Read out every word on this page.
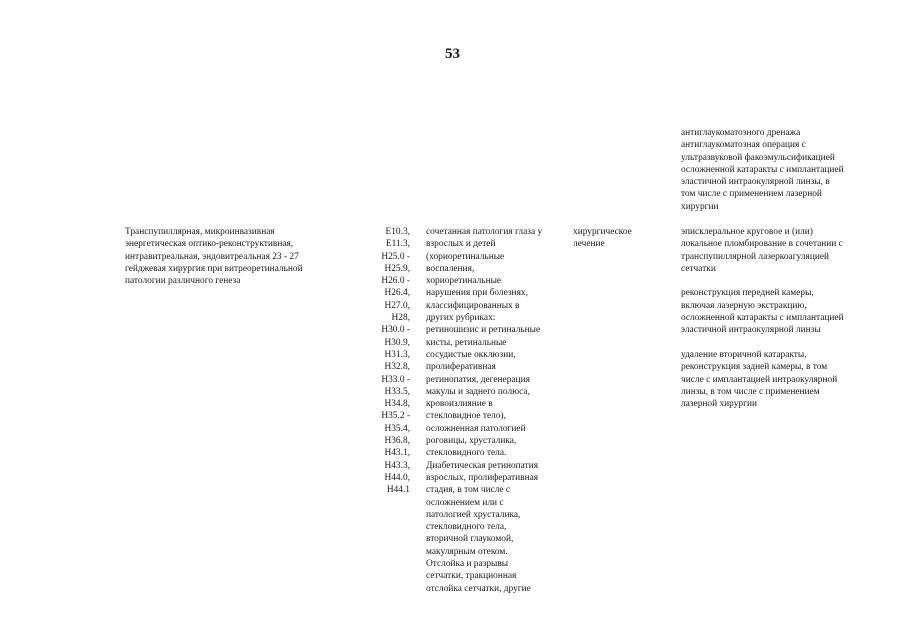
53
антиглаукоматозного дренажа
антиглаукоматозная операция с
ультразвуковой факоэмульсификацией
осложненной катаракты с имплантацией
эластичной интраокулярной линзы, в
том числе с применением лазерной
хирургии
Транспупиллярная, микроинвазивная
энергетическая оптико-реконструктивная,
интравитреальная, эндовитреальная 23 - 27
гейджевая хирургия при витреоретинальной
патологии различного генеза
E10.3,
E11.3,
H25.0 -
H25.9,
H26.0 -
H26.4,
H27.0,
H28,
H30.0 -
H30.9,
H31.3,
H32.8,
H33.0 -
H33.5,
H34.8,
H35.2 -
H35.4,
H36.8,
H43.1,
H43.3,
H44.0,
H44.1
сочетанная патология глаза у
взрослых и детей
(хориоретинальные
воспаления,
хориоретинальные
нарушения при болезнях,
классифицированных в
других рубриках:
ретиношизис и ретинальные
кисты, ретинальные
сосудистые окклюзии,
пролиферативная
ретинопатия, дегенерация
макулы и заднего полюса,
кровоизлияние в
стекловидное тело),
осложненная патологией
роговицы, хрусталика,
стекловидного тела.
Диабетическая ретинопатия
взрослых, пролиферативная
стадия, в том числе с
осложнением или с
патологией хрусталика,
стекловидного тела,
вторичной глаукомой,
макулярным отеком.
Отслойка и разрывы
сетчатки, тракционная
отслойка сетчатки, другие
хирургическое
лечение
эписклеральное круговое и (или)
локальное пломбирование в сочетании с
транспупиллярной лазеркоагуляцией
сетчатки
реконструкция передней камеры,
включая лазерную экстракцию,
осложненной катаракты с имплантацией
эластичной интраокулярной линзы
удаление вторичной катаракты,
реконструкция задней камеры, в том
числе с имплантацией интраокулярной
линзы, в том числе с применением
лазерной хирургии
